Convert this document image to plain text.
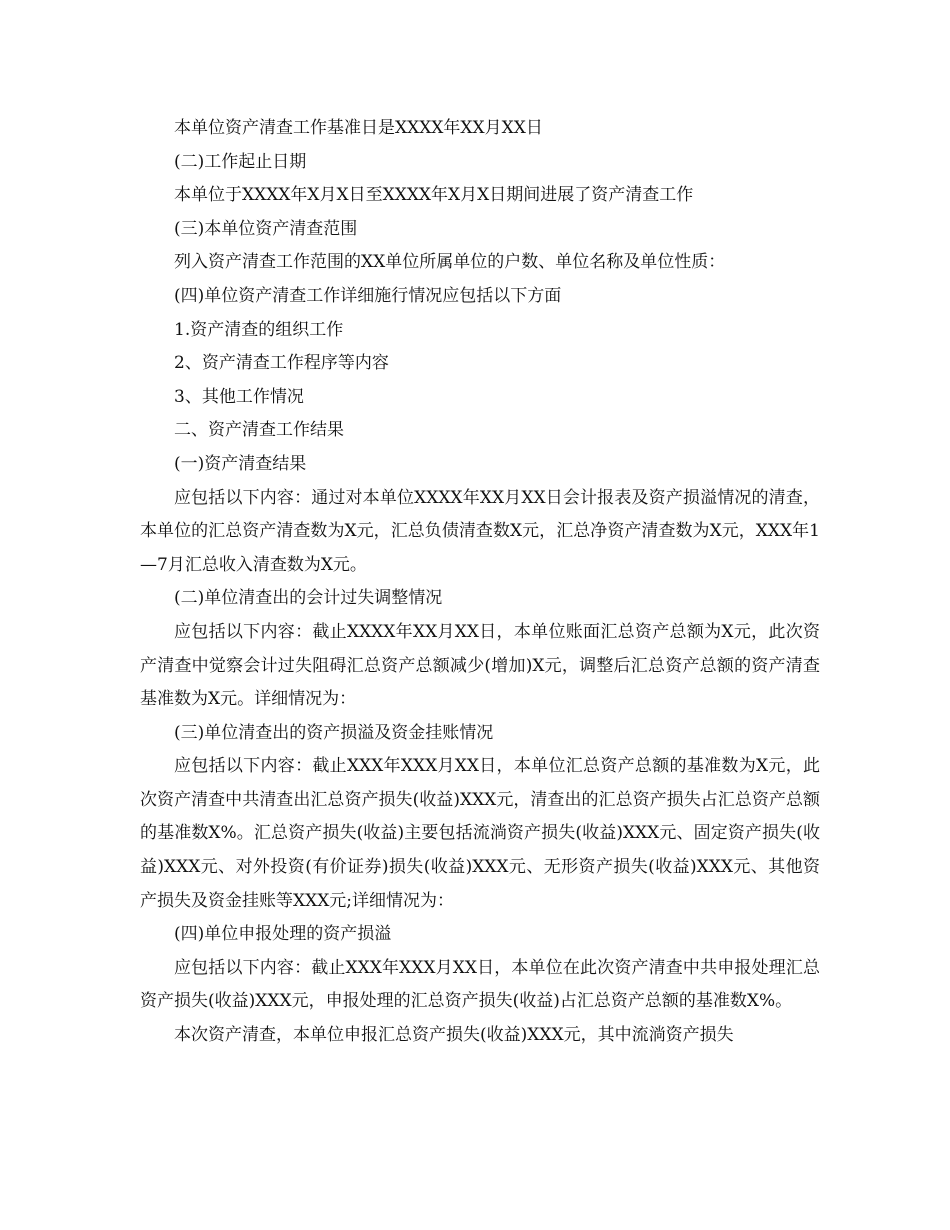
本单位资产清查工作基准日是XXXX年XX月XX日

(二)工作起止日期

本单位于XXXX年X月X日至XXXX年X月X日期间进展了资产清查工作

(三)本单位资产清查范围

列入资产清查工作范围的XX单位所属单位的户数、单位名称及单位性质：

(四)单位资产清查工作详细施行情况应包括以下方面

1.资产清查的组织工作

2、资产清查工作程序等内容

3、其他工作情况

二、资产清查工作结果

(一)资产清查结果

应包括以下内容：通过对本单位XXXX年XX月XX日会计报表及资产损溢情况的清查，本单位的汇总资产清查数为X元，汇总负债清查数X元，汇总净资产清查数为X元，XXX年1—7月汇总收入清查数为X元。

(二)单位清查出的会计过失调整情况

应包括以下内容：截止XXXX年XX月XX日，本单位账面汇总资产总额为X元，此次资产清查中觉察会计过失阻碍汇总资产总额减少(增加)X元，调整后汇总资产总额的资产清查基准数为X元。详细情况为：

(三)单位清查出的资产损溢及资金挂账情况

应包括以下内容：截止XXX年XXX月XX日，本单位汇总资产总额的基准数为X元，此次资产清查中共清查出汇总资产损失(收益)XXX元，清查出的汇总资产损失占汇总资产总额的基准数X%。汇总资产损失(收益)主要包括流淌资产损失(收益)XXX元、固定资产损失(收益)XXX元、对外投资(有价证券)损失(收益)XXX元、无形资产损失(收益)XXX元、其他资产损失及资金挂账等XXX元;详细情况为：

(四)单位申报处理的资产损溢

应包括以下内容：截止XXX年XXX月XX日，本单位在此次资产清查中共申报处理汇总资产损失(收益)XXX元，申报处理的汇总资产损失(收益)占汇总资产总额的基准数X%。

本次资产清查，本单位申报汇总资产损失(收益)XXX元，其中流淌资产损失
